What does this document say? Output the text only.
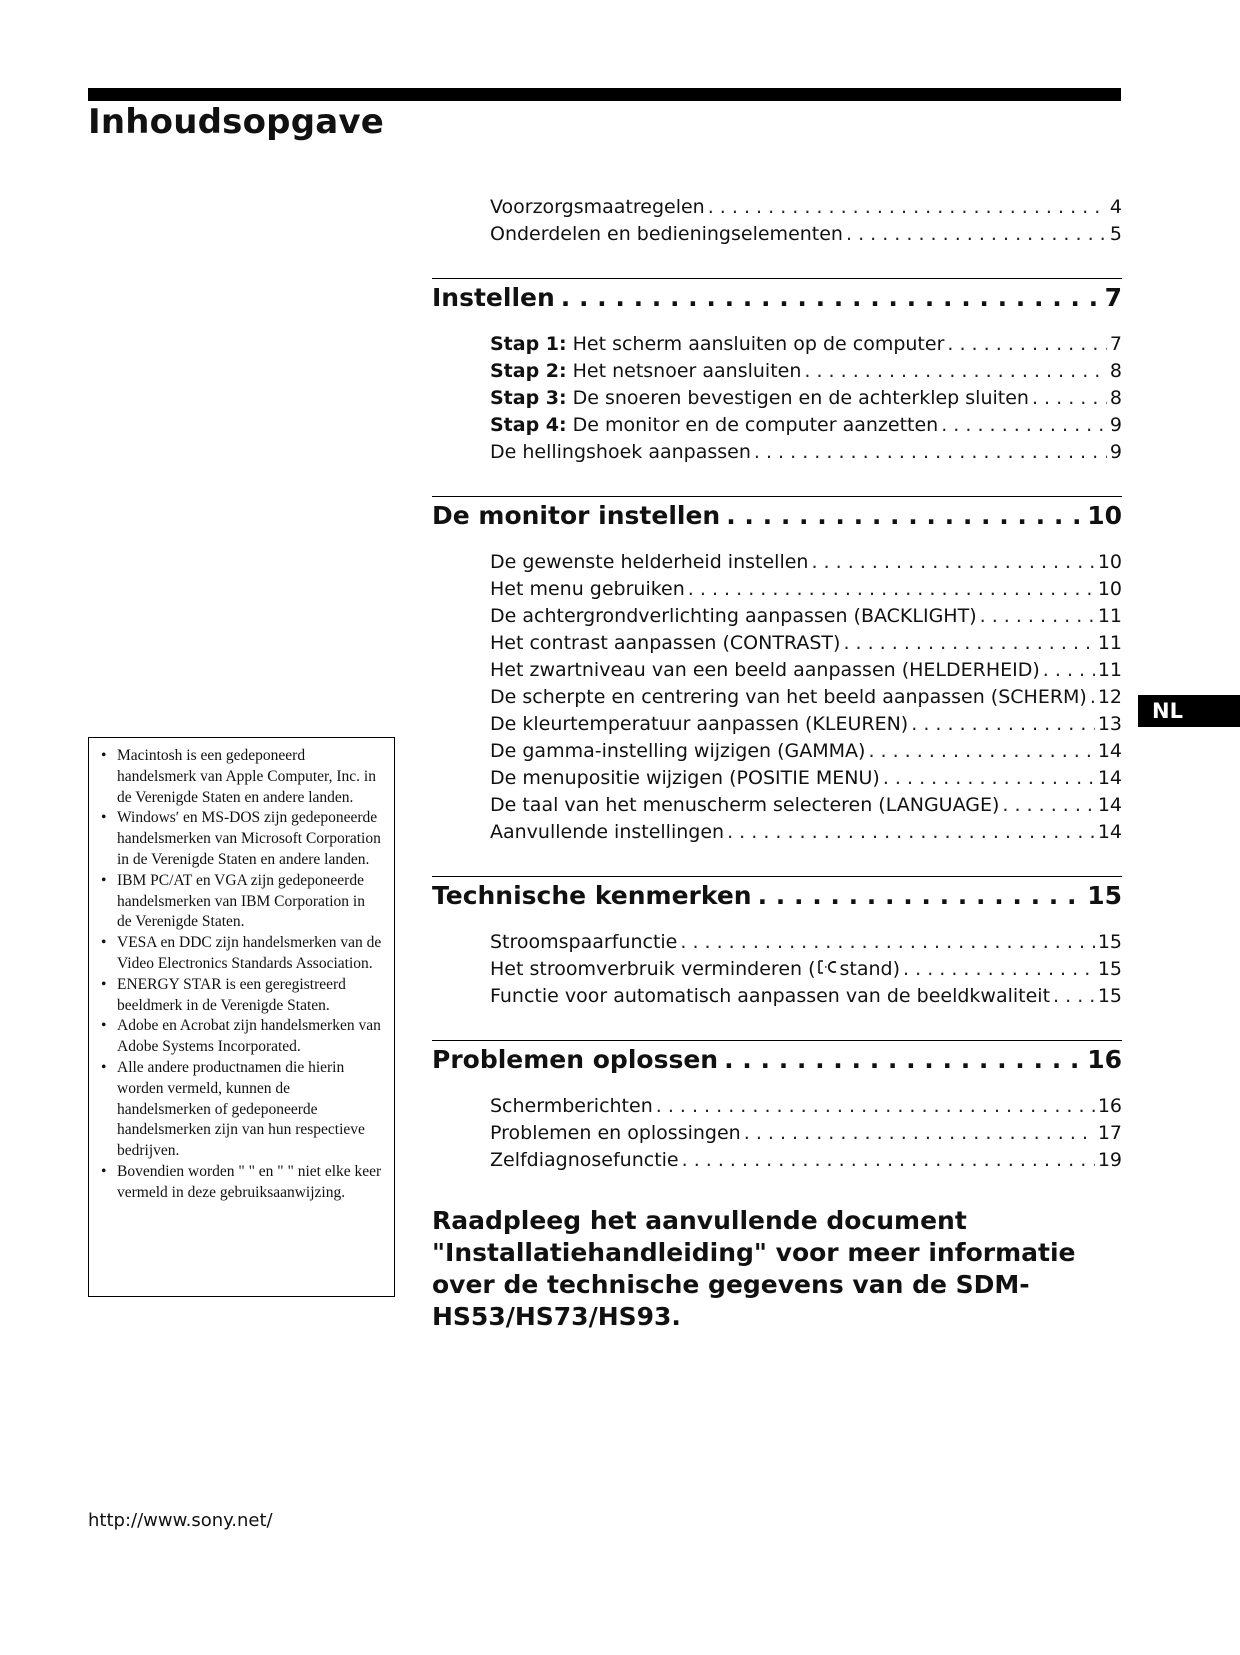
Inhoudsopgave
Voorzorgsmaatregelen . . .	4
Onderdelen en bedieningselementen . . .	5
Instellen . . .	7
Stap 1: Het scherm aansluiten op de computer . . .	7
Stap 2: Het netsnoer aansluiten . . .	8
Stap 3: De snoeren bevestigen en de achterklep sluiten . . .	8
Stap 4: De monitor en de computer aanzetten . . .	9
De hellingshoek aanpassen . . .	9
De monitor instellen . . .	10
De gewenste helderheid instellen . . .	10
Het menu gebruiken . . .	10
De achtergrondverlichting aanpassen (BACKLIGHT) . . .	11
Het contrast aanpassen (CONTRAST) . . .	11
Het zwartniveau van een beeld aanpassen (HELDERHEID) . . .	11
De scherpte en centrering van het beeld aanpassen (SCHERM) . . . 12
De kleurtemperatuur aanpassen (KLEUREN) . . .	13
De gamma-instelling wijzigen (GAMMA) . . .	14
De menupositie wijzigen (POSITIE MENU) . . .	14
De taal van het menuscherm selecteren (LANGUAGE) . . .	14
Aanvullende instellingen . . .	14
Technische kenmerken . . .	15
Stroomspaarfunctie . . .	15
Het stroomverbruik verminderen ( stand) . . .	15
Functie voor automatisch aanpassen van de beeldkwaliteit . . .	15
Problemen oplossen . . .	16
Schermberichten . . .	16
Problemen en oplossingen . . .	17
Zelfdiagnosefunctie . . .	19

Raadpleeg het aanvullende document "Installatiehandleiding" voor meer informatie over de technische gegevens van de SDM-HS53/HS73/HS93.

NL
• Macintosh is een gedeponeerd handelsmerk van Apple Computer, Inc. in de Verenigde Staten en andere landen.
• Windowsʹ en MS-DOS zijn gedeponeerde handelsmerken van Microsoft Corporation in de Verenigde Staten en andere landen.
• IBM PC/AT en VGA zijn gedeponeerde handelsmerken van IBM Corporation in de Verenigde Staten.
• VESA en DDC zijn handelsmerken van de Video Electronics Standards Association.
• ENERGY STAR is een geregistreerd beeldmerk in de Verenigde Staten.
• Adobe en Acrobat zijn handelsmerken van Adobe Systems Incorporated.
• Alle andere productnamen die hierin worden vermeld, kunnen de handelsmerken of gedeponeerde handelsmerken zijn van hun respectieve bedrijven.
• Bovendien worden " " en " " niet elke keer vermeld in deze gebruiksaanwijzing.

http://www.sony.net/
